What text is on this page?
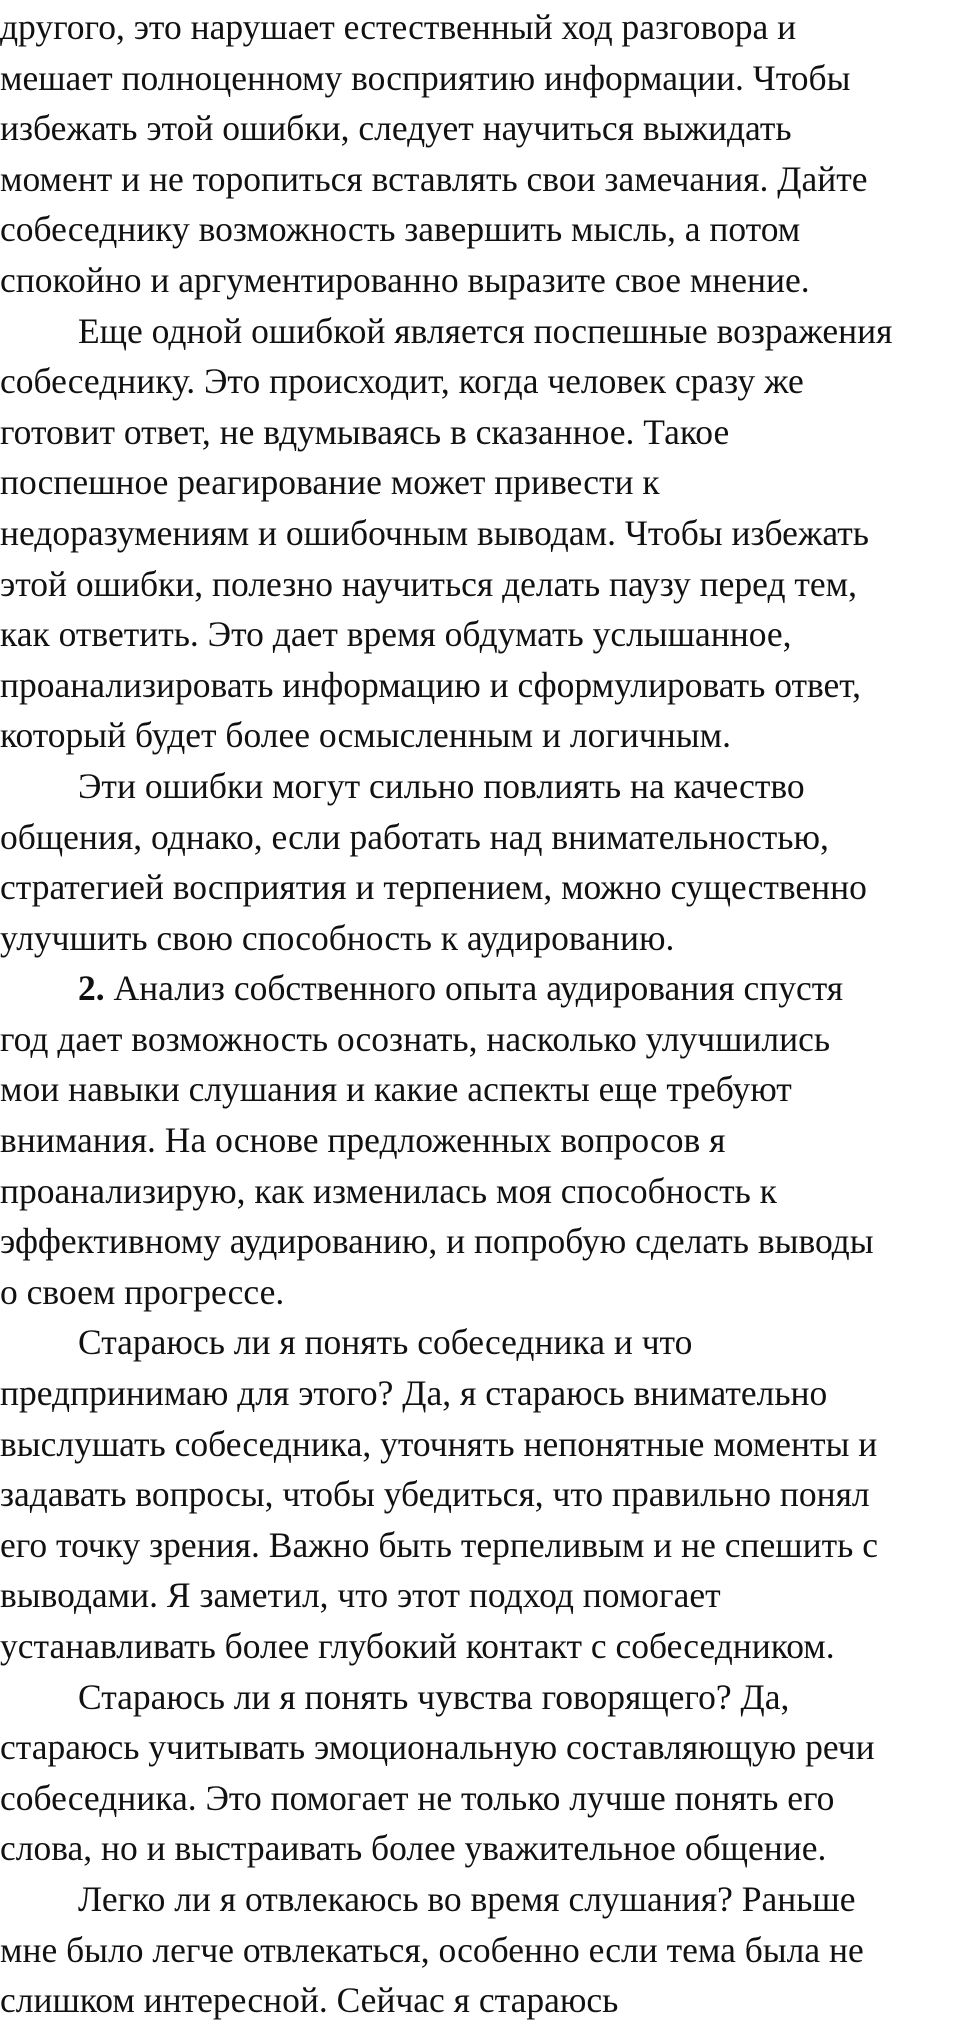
другого, это нарушает естественный ход разговора и
мешает полноценному восприятию информации. Чтобы
избежать этой ошибки, следует научиться выжидать
момент и не торопиться вставлять свои замечания. Дайте
собеседнику возможность завершить мысль, а потом
спокойно и аргументированно выразите свое мнение.
Еще одной ошибкой является поспешные возражения
собеседнику. Это происходит, когда человек сразу же
готовит ответ, не вдумываясь в сказанное. Такое
поспешное реагирование может привести к
недоразумениям и ошибочным выводам. Чтобы избежать
этой ошибки, полезно научиться делать паузу перед тем,
как ответить. Это дает время обдумать услышанное,
проанализировать информацию и сформулировать ответ,
который будет более осмысленным и логичным.
Эти ошибки могут сильно повлиять на качество
общения, однако, если работать над внимательностью,
стратегией восприятия и терпением, можно существенно
улучшить свою способность к аудированию.
2. Анализ собственного опыта аудирования спустя
год дает возможность осознать, насколько улучшились
мои навыки слушания и какие аспекты еще требуют
внимания. На основе предложенных вопросов я
проанализирую, как изменилась моя способность к
эффективному аудированию, и попробую сделать выводы
о своем прогрессе.
Стараюсь ли я понять собеседника и что
предпринимаю для этого? Да, я стараюсь внимательно
выслушать собеседника, уточнять непонятные моменты и
задавать вопросы, чтобы убедиться, что правильно понял
его точку зрения. Важно быть терпеливым и не спешить с
выводами. Я заметил, что этот подход помогает
устанавливать более глубокий контакт с собеседником.
Стараюсь ли я понять чувства говорящего? Да,
стараюсь учитывать эмоциональную составляющую речи
собеседника. Это помогает не только лучше понять его
слова, но и выстраивать более уважительное общение.
Легко ли я отвлекаюсь во время слушания? Раньше
мне было легче отвлекаться, особенно если тема была не
слишком интересной. Сейчас я стараюсь
